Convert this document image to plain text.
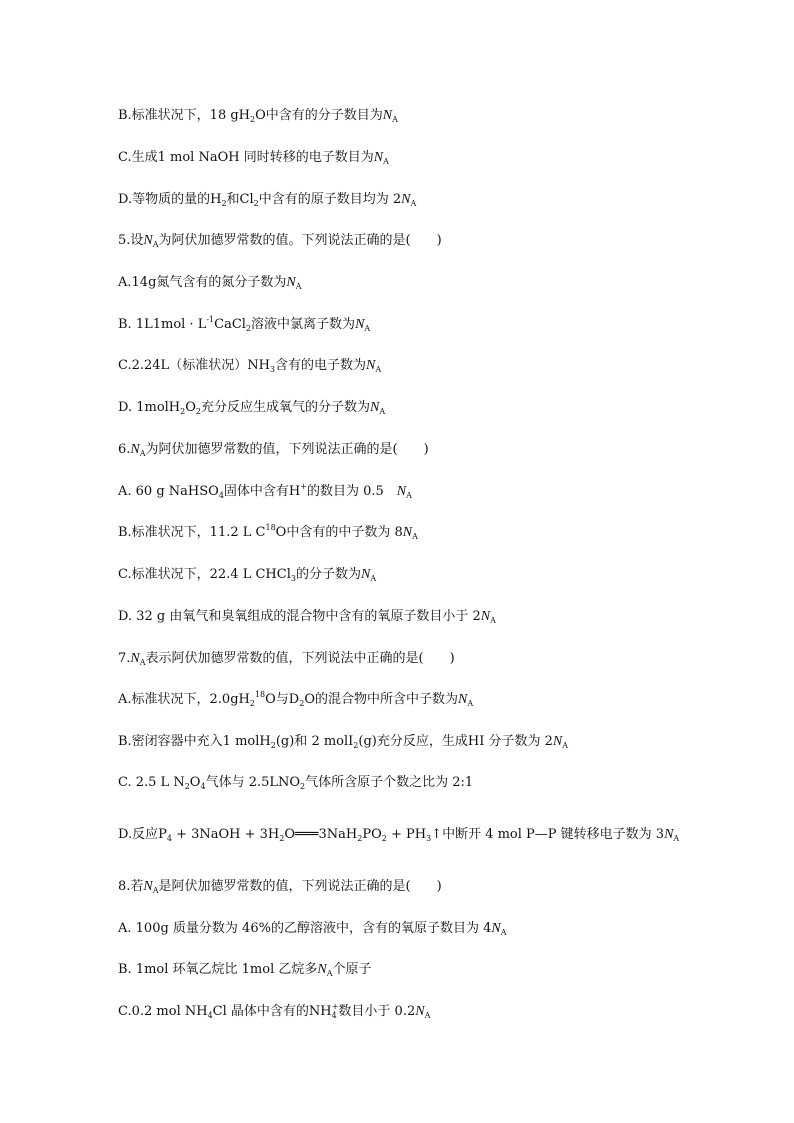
B.标准状况下，18 $gH_2O$中含有的分子数目为$N_A$
C.生成1 mol NaOH 同时转移的电子数目为$N_A$
D.等物质的量的$H_2$和$Cl_2$中含有的原子数目均为 $2N_A$
5.设$N_A$为阿伏加德罗常数的值。下列说法正确的是(　　)
A.14g氮气含有的氮分子数为$N_A$
B. $1L1mol \cdot L^{-1}CaCl_2$溶液中氯离子数为$N_A$
C.2.24L（标准状况）$NH_3$含有的电子数为$N_A$
D. $1molH_2O_2$充分反应生成氧气的分子数为$N_A$
$6.N_A$为阿伏加德罗常数的值，下列说法正确的是(　　)
A. 60 g NaHSO$_4$固体中含有H+的数目为 0.5　$N_A$
B.标准状况下，11.2 L $C^{18}O$中含有的中子数为 $8N_A$
C.标准状况下，22.4 L CHCl$_3$的分子数为$N_A$
D. 32 g 由氧气和臭氧组成的混合物中含有的氧原子数目小于 $2N_A$
$7.N_A$表示阿伏加德罗常数的值，下列说法中正确的是(　　)
A.标准状况下，$2.0gH_2^{18}O$与$D_2O$的混合物中所含中子数为$N_A$
B.密闭容器中充入1 molH$_2$(g)和 2 molI$_2$(g)充分反应，生成HI 分子数为 $2N_A$
C. 2.5 L $N_2O_4$气体与 $2.5LNO_2$气体所含原子个数之比为 2:1
D.反应$P_4$ + 3NaOH + $3H_2O═══3NaH_2PO_2$ + $PH_3↑$中断开 4 mol P—P 键转移电子数为 $3N_A$
8.若$N_A$是阿伏加德罗常数的值，下列说法正确的是(　　)
A. 100g 质量分数为 46%的乙醇溶液中，含有的氧原子数目为 $4N_A$
B. 1mol 环氧乙烷比 1mol 乙烷多$N_A$个原子
C.0.2 mol $NH_4Cl$ 晶体中含有的$NH_4^+$数目小于 $0.2N_A$
